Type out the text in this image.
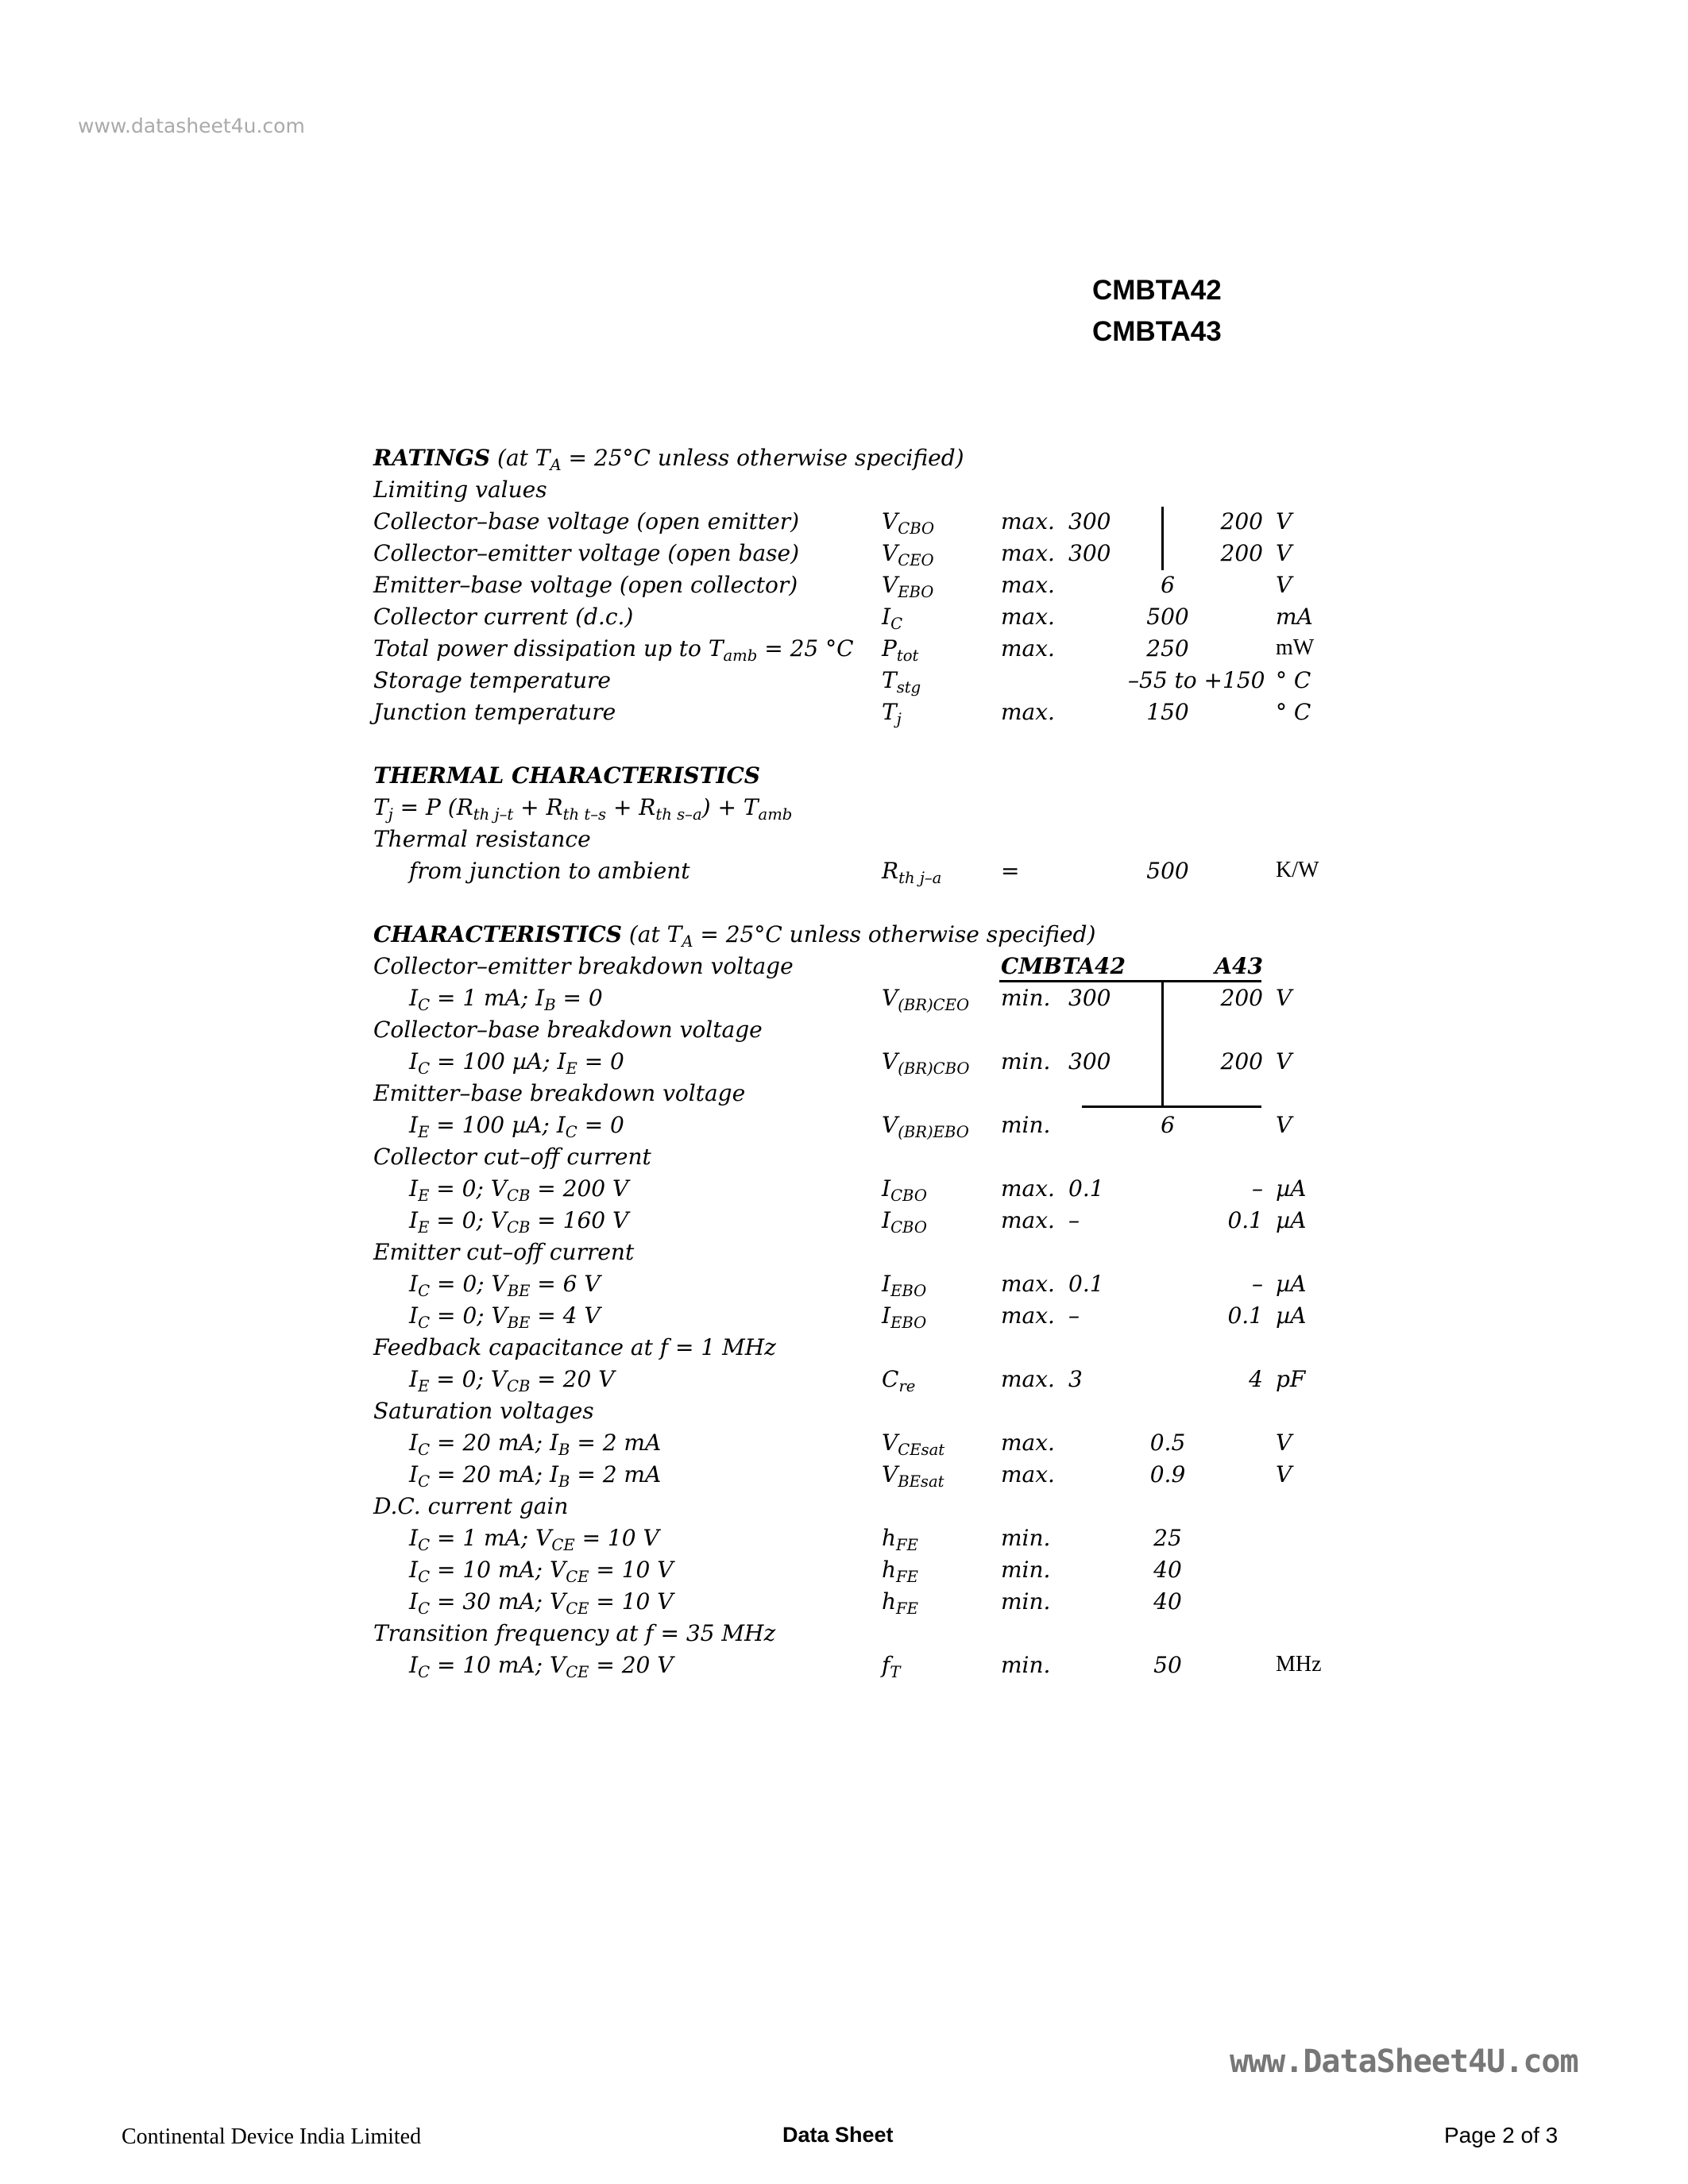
www.datasheet4u.com
CMBTA42
CMBTA43
RATINGS (at $T_A = 25^\circ C$ unless otherwise specified)
Limiting values
Collector–base voltage (open emitter)	$V_{CBO}$	max. 300	200 V
Collector–emitter voltage (open base)	$V_{CEO}$	max. 300	200 V
Emitter–base voltage (open collector)	$V_{EBO}$	max.	6	V
Collector current (d.c.)	$I_C$	max.	500	mA
Total power dissipation up to $T_{amb} = 25$ °C $P_{tot}$	max.	250	mW
Storage temperature	$T_{stg}$	–55 to +150 ° C
Junction temperature	$T_j$	max.	150	° C
THERMAL CHARACTERISTICS
$T_j = P$ $(R_{th j-t} + R_{th t-s} + R_{th s-a}) + T_{amb}$
Thermal resistance
from junction to ambient	$R_{th j-a}$	=	500	K/W
CHARACTERISTICS (at $T_A = 25^\circ C$ unless otherwise specified)
Collector–emitter breakdown voltage	CMBTA42	A43
$I_C = 1$ mA; $I_B = 0$	$V_{(BR)CEO}$ min. 300	200 V
Collector–base breakdown voltage
$I_C = 100$ µA; $I_E = 0$	$V_{(BR)CBO}$ min. 300	200 V
Emitter–base breakdown voltage
$I_E = 100$ µA; $I_C = 0$	$V_{(BR)EBO}$ min.	6	V
Collector cut–off current
$I_E = 0$; $V_{CB} = 200$ V	$I_{CBO}$	max. 0.1	– µA
$I_E = 0$; $V_{CB} = 160$ V	$I_{CBO}$	max. –	0.1 µA
Emitter cut–off current
$I_C = 0$; $V_{BE} = 6$ V	$I_{EBO}$	max. 0.1	– µA
$I_C = 0$; $V_{BE} = 4$ V	$I_{EBO}$	max. –	0.1 µA
Feedback capacitance at f = 1 MHz
$I_E = 0$; $V_{CB} = 20$ V	$C_{re}$	max. 3	4 pF
Saturation voltages
$I_C = 20$ mA; $I_B = 2$ mA	$V_{CEsat}$	max.	0.5	V
$I_C = 20$ mA; $I_B = 2$ mA	$V_{BEsat}$	max.	0.9	V
D.C. current gain
$I_C = 1$ mA; $V_{CE} = 10$ V	$h_{FE}$	min.	25
$I_C = 10$ mA; $V_{CE} = 10$ V	$h_{FE}$	min.	40
$I_C = 30$ mA; $V_{CE} = 10$ V	$h_{FE}$	min.	40
Transition frequency at f = 35 MHz
$I_C = 10$ mA; $V_{CE} = 20$ V	$f_T$	min.	50	MHz
www.DataSheet4U.com
Continental Device India Limited	Data Sheet	Page 2 of 3
